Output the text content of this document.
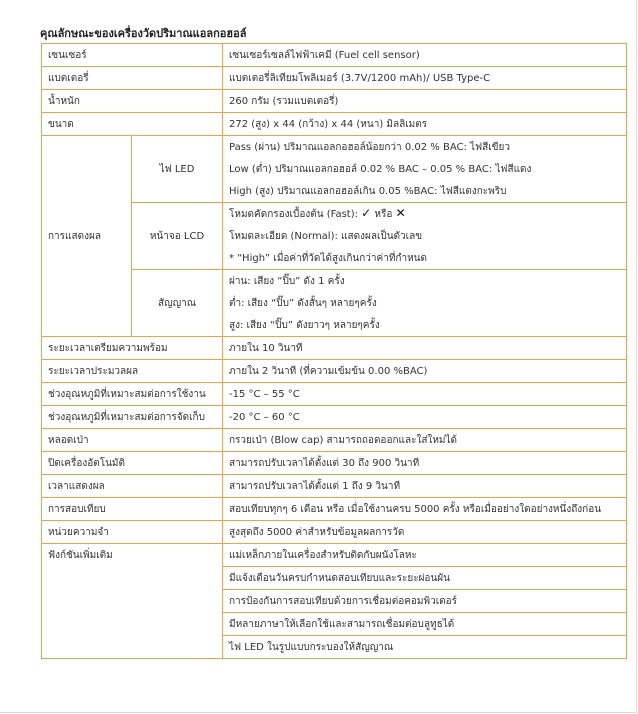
คุณลักษณะของเครื่องวัดปริมาณแอลกอฮอล์
เซนเซอร์		เซนเซอร์เซลล์ไฟฟ้าเคมี (Fuel cell sensor)
แบตเตอรี่		แบตเตอรี่ลิเทียมโพลิเมอร์ (3.7V/1200 mAh)/ USB Type-C
น้ำหนัก		260 กรัม (รวมแบตเตอรี่)
ขนาด		272 (สูง) x 44 (กว้าง) x 44 (หนา) มิลลิเมตร
การแสดงผล	ไฟ LED	Pass (ผ่าน) ปริมาณแอลกอฮอล์น้อยกว่า 0.02 % BAC: ไฟสีเขียว
		Low (ต่ำ) ปริมาณแอลกอฮอล์ 0.02 % BAC – 0.05 % BAC: ไฟสีแดง
		High (สูง) ปริมาณแอลกอฮอล์เกิน 0.05 %BAC: ไฟสีแดงกะพริบ
	หน้าจอ LCD	โหมดคัดกรองเบื้องต้น (Fast): ✓ หรือ ✕
		โหมดละเอียด (Normal): แสดงผลเป็นตัวเลข
		* “High” เมื่อค่าที่วัดได้สูงเกินกว่าค่าที่กำหนด
	สัญญาณ	ผ่าน: เสียง “ปิ๊บ” ดัง 1 ครั้ง
		ต่ำ: เสียง “ปิ๊บ” ดังสั้นๆ หลายๆครั้ง
		สูง: เสียง “ปิ๊บ” ดังยาวๆ หลายๆครั้ง
ระยะเวลาเตรียมความพร้อม		ภายใน 10 วินาที
ระยะเวลาประมวลผล		ภายใน 2 วินาที (ที่ความเข้มข้น 0.00 %BAC)
ช่วงอุณหภูมิที่เหมาะสมต่อการใช้งาน		-15 °C – 55 °C
ช่วงอุณหภูมิที่เหมาะสมต่อการจัดเก็บ		-20 °C – 60 °C
หลอดเป่า		กรวยเป่า (Blow cap) สามารถถอดออกและใส่ใหม่ได้
ปิดเครื่องอัตโนมัติ		สามารถปรับเวลาได้ตั้งแต่ 30 ถึง 900 วินาที
เวลาแสดงผล		สามารถปรับเวลาได้ตั้งแต่ 1 ถึง 9 วินาที
การสอบเทียบ		สอบเทียบทุกๆ 6 เดือน หรือ เมื่อใช้งานครบ 5000 ครั้ง หรือเมื่ออย่างใดอย่างหนึ่งถึงก่อน
หน่วยความจำ		สูงสุดถึง 5000 ค่าสำหรับข้อมูลผลการวัด
ฟังก์ชันเพิ่มเติม		แม่เหล็กภายในเครื่องสำหรับติดกับผนังโลหะ
		มีแจ้งเตือนวันครบกำหนดสอบเทียบและระยะผ่อนผัน
		การป้องกันการสอบเทียบด้วยการเชื่อมต่อคอมพิวเตอร์
		มีหลายภาษาให้เลือกใช้และสามารถเชื่อมต่อบลูทูธได้
		ไฟ LED ในรูปแบบกระบองให้สัญญาณ
